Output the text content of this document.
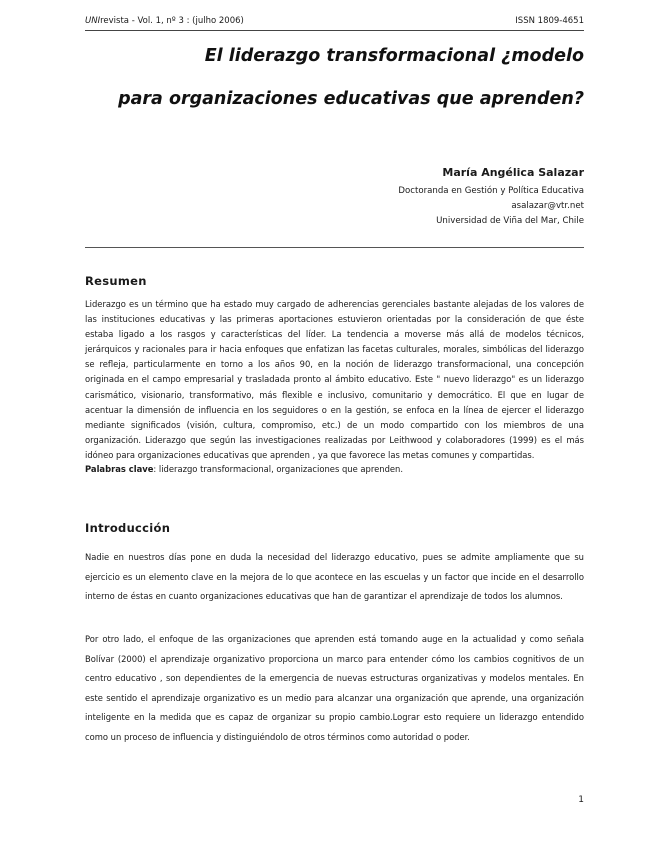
UNIrevista - Vol. 1, nº 3 : (julho 2006)	ISSN 1809-4651
El liderazgo transformacional ¿modelo
para organizaciones educativas que aprenden?
María Angélica Salazar
Doctoranda en Gestión y Política Educativa
asalazar@vtr.net
Universidad de Viña del Mar, Chile
Resumen
Liderazgo es un término que ha estado muy cargado de adherencias gerenciales bastante alejadas de los valores de las instituciones educativas y las primeras aportaciones estuvieron orientadas por la consideración de que éste estaba ligado a los rasgos y características del líder. La tendencia a moverse más allá de modelos técnicos, jerárquicos y racionales para ir hacia enfoques que enfatizan las facetas culturales, morales, simbólicas del liderazgo se refleja, particularmente en torno a los años 90, en la noción de liderazgo transformacional, una concepción originada en el campo empresarial y trasladada pronto al ámbito educativo. Este " nuevo liderazgo" es un liderazgo carismático, visionario, transformativo, más flexible e inclusivo, comunitario y democrático. El que en lugar de acentuar la dimensión de influencia en los seguidores o en la gestión, se enfoca en la línea de ejercer el liderazgo mediante significados (visión, cultura, compromiso, etc.) de un modo compartido con los miembros de una organización. Liderazgo que según las investigaciones realizadas por Leithwood y colaboradores (1999) es el más idóneo para organizaciones educativas que aprenden , ya que favorece las metas comunes y compartidas.
Palabras clave: liderazgo transformacional, organizaciones que aprenden.
Introducción
Nadie en nuestros días pone en duda la necesidad del liderazgo educativo, pues se admite ampliamente que su ejercicio es un elemento clave en la mejora de lo que acontece en las escuelas y un factor que incide en el desarrollo interno de éstas en cuanto organizaciones educativas que han de garantizar el aprendizaje de todos los alumnos.
Por otro lado, el enfoque de las organizaciones que aprenden está tomando auge en la actualidad y como señala Bolívar (2000) el aprendizaje organizativo proporciona un marco para entender cómo los cambios cognitivos de un centro educativo , son dependientes de la emergencia de nuevas estructuras organizativas y modelos mentales. En este sentido el aprendizaje organizativo es un medio para alcanzar una organización que aprende, una organización inteligente en la medida que es capaz de organizar su propio cambio.Lograr esto requiere un liderazgo entendido como un proceso de influencia y distinguiéndolo de otros términos como autoridad o poder.
1
